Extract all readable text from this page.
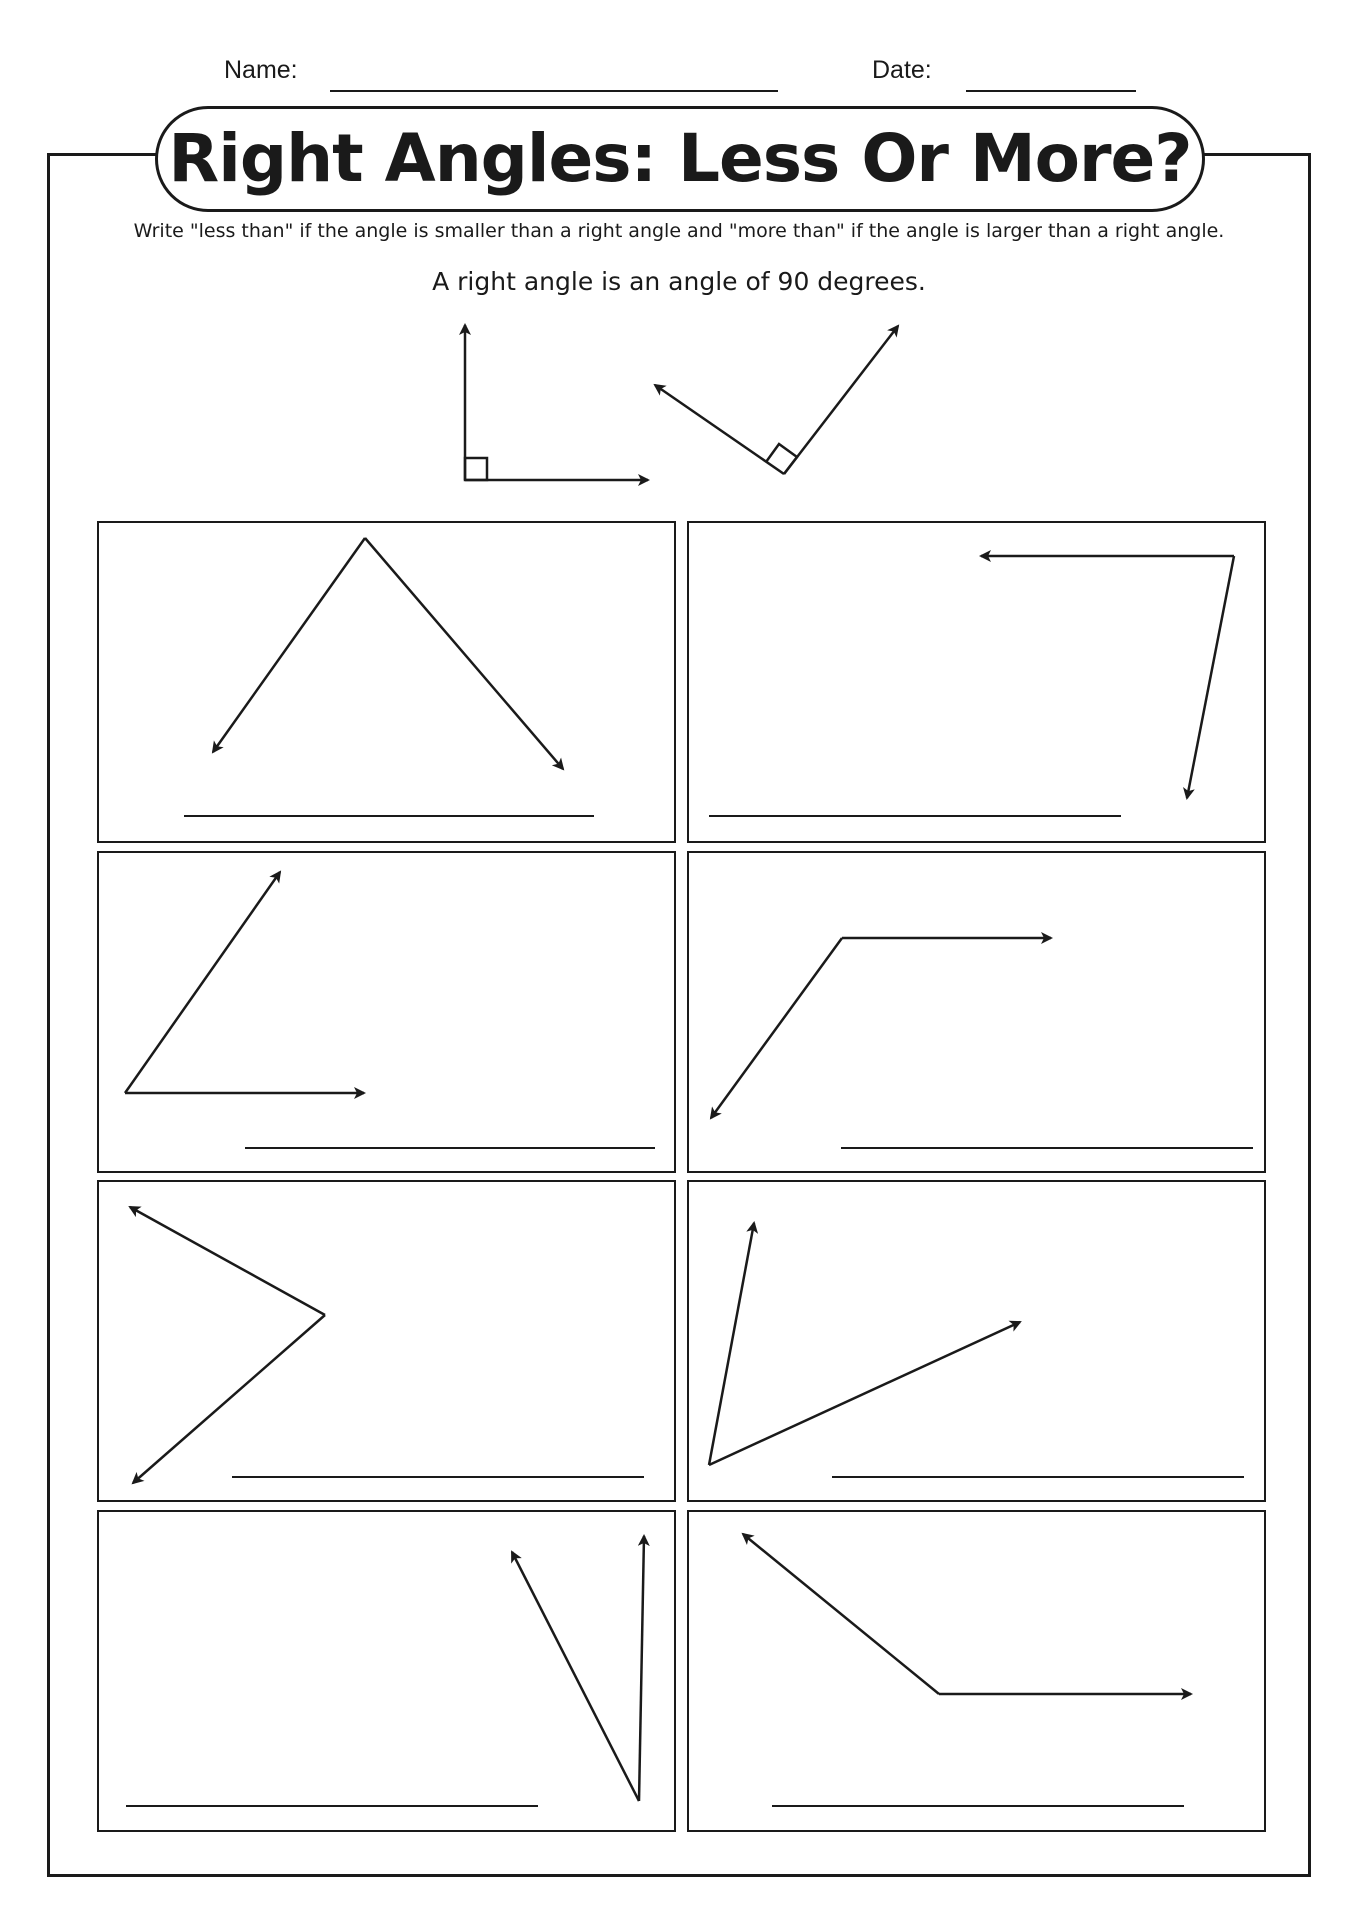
Name:	Date:
Right Angles: Less Or More?
Write "less than" if the angle is smaller than a right angle and "more than" if the angle is larger than a right angle.
A right angle is an angle of 90 degrees.
